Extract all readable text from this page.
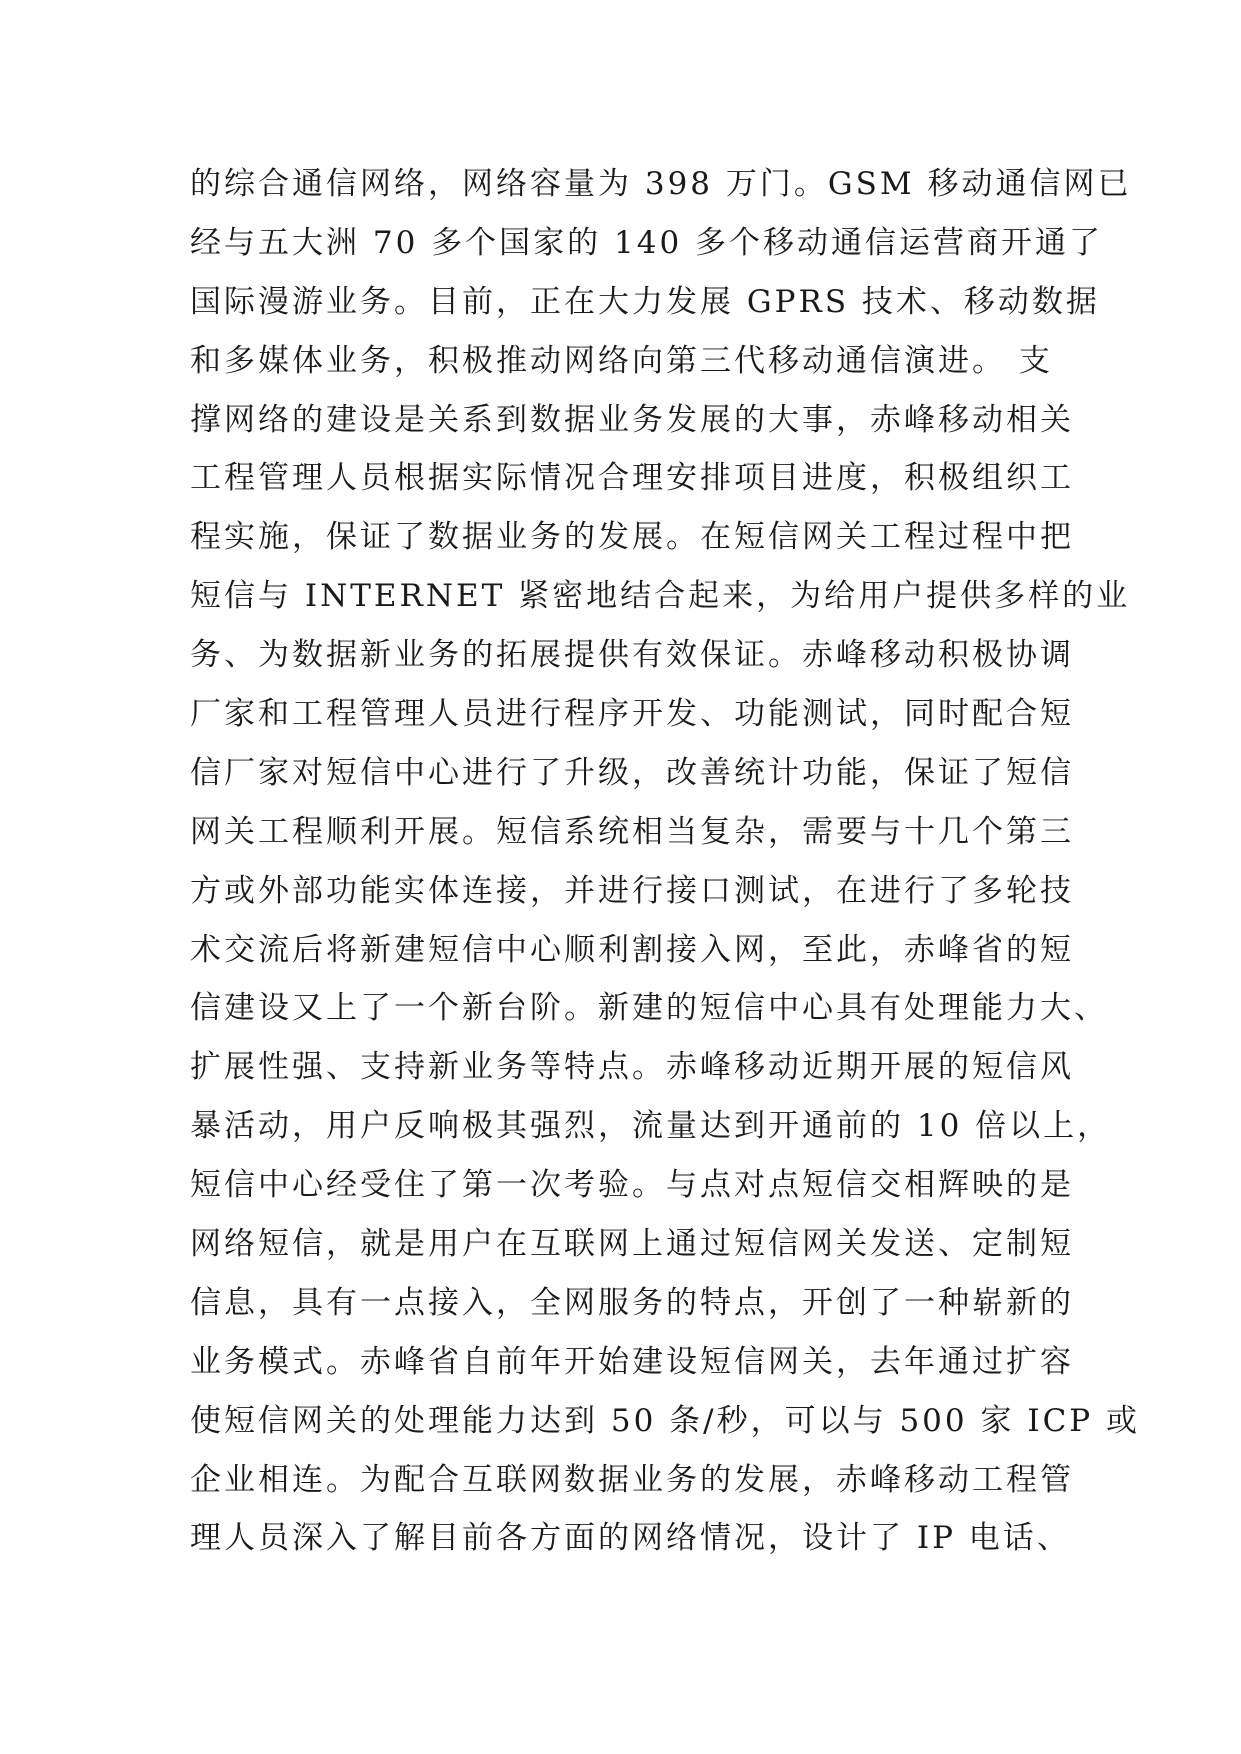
的综合通信网络，网络容量为 398 万门。GSM 移动通信网已
经与五大洲 70 多个国家的 140 多个移动通信运营商开通了
国际漫游业务。目前，正在大力发展 GPRS 技术、移动数据
和多媒体业务，积极推动网络向第三代移动通信演进。 支
撑网络的建设是关系到数据业务发展的大事，赤峰移动相关
工程管理人员根据实际情况合理安排项目进度，积极组织工
程实施，保证了数据业务的发展。在短信网关工程过程中把
短信与 INTERNET 紧密地结合起来，为给用户提供多样的业
务、为数据新业务的拓展提供有效保证。赤峰移动积极协调
厂家和工程管理人员进行程序开发、功能测试，同时配合短
信厂家对短信中心进行了升级，改善统计功能，保证了短信
网关工程顺利开展。短信系统相当复杂，需要与十几个第三
方或外部功能实体连接，并进行接口测试，在进行了多轮技
术交流后将新建短信中心顺利割接入网，至此，赤峰省的短
信建设又上了一个新台阶。新建的短信中心具有处理能力大、
扩展性强、支持新业务等特点。赤峰移动近期开展的短信风
暴活动，用户反响极其强烈，流量达到开通前的 10 倍以上，
短信中心经受住了第一次考验。与点对点短信交相辉映的是
网络短信，就是用户在互联网上通过短信网关发送、定制短
信息，具有一点接入，全网服务的特点，开创了一种崭新的
业务模式。赤峰省自前年开始建设短信网关，去年通过扩容
使短信网关的处理能力达到 50 条/秒，可以与 500 家 ICP 或
企业相连。为配合互联网数据业务的发展，赤峰移动工程管
理人员深入了解目前各方面的网络情况，设计了 IP 电话、
